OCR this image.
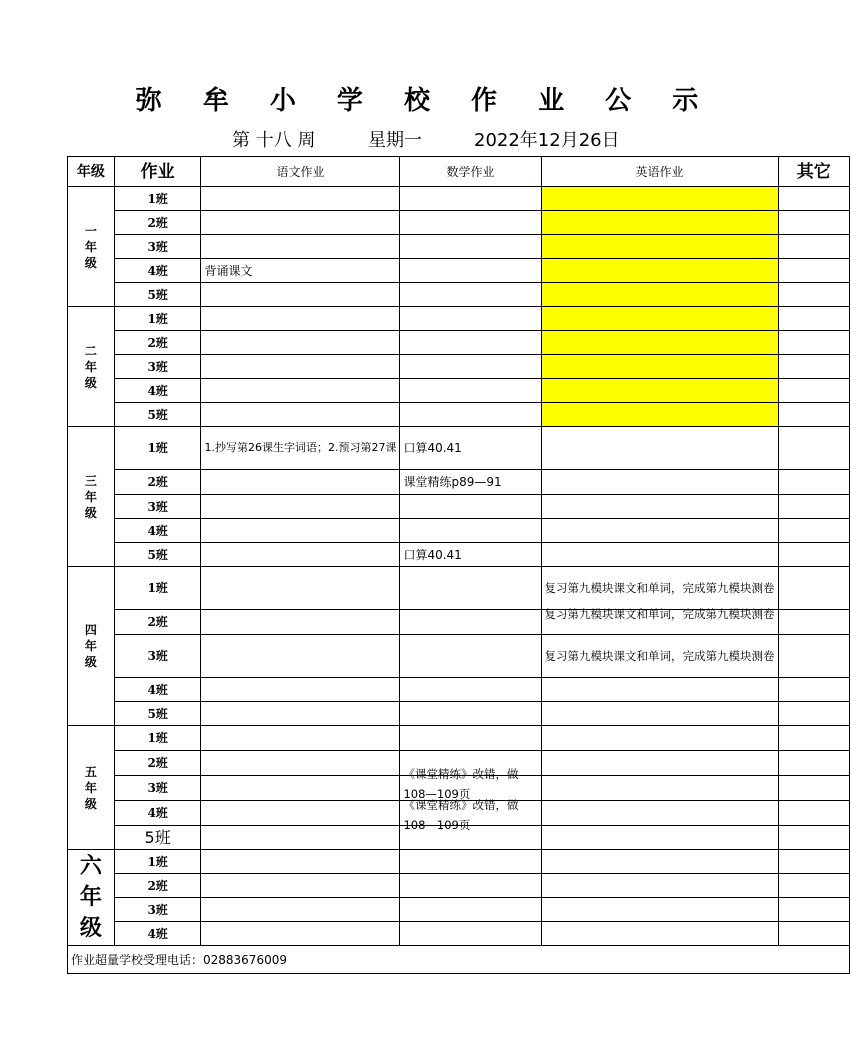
弥 牟 小 学 校 作 业 公 示
第 十八 周	星期一	2022年12月26日
年级	作业	语文作业	数学作业	英语作业	其它
一年级	1班				
	2班				
	3班				
	4班	背诵课文			
	5班				
二年级	1班				
	2班				
	3班				
	4班				
	5班				
三年级	1班	1.抄写第26课生字词语；2.预习第27课	口算40.41		
	2班		课堂精练p89—91		
	3班				
	4班				
	5班		口算40.41		
四年级	1班			复习第九模块课文和单词，完成第九模块测卷	
	2班			复习第九模块课文和单词，完成第九模块测卷	

	3班			复习第九模块课文和单词，完成第九模块测卷	
	4班				
	5班				
五年级	1班				
	2班				
	3班		《课堂精练》改错，做108—109页		

	4班		《课堂精练》改错，做108—109页		

	5班				
六年级	1班				
	2班				
	3班				
	4班				
作业超量学校受理电话：02883676009					
